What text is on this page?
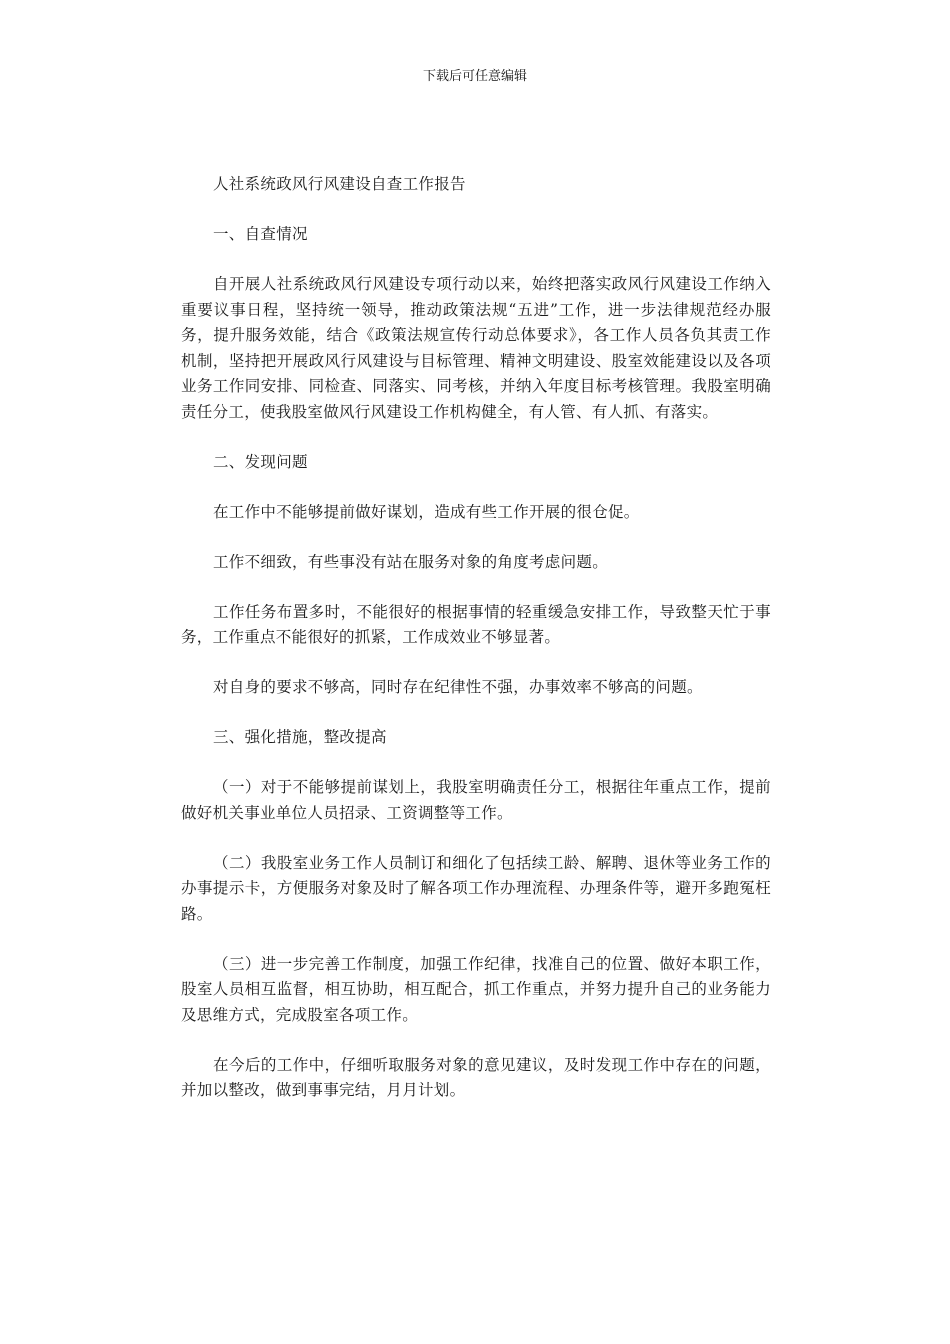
下载后可任意编辑

人社系统政风行风建设自查工作报告

一、自查情况

自开展人社系统政风行风建设专项行动以来，始终把落实政风行风建设工作纳入重要议事日程，坚持统一领导，推动政策法规“五进”工作，进一步法律规范经办服务，提升服务效能，结合《政策法规宣传行动总体要求》，各工作人员各负其责工作机制，坚持把开展政风行风建设与目标管理、精神文明建设、股室效能建设以及各项业务工作同安排、同检查、同落实、同考核，并纳入年度目标考核管理。我股室明确责任分工，使我股室做风行风建设工作机构健全，有人管、有人抓、有落实。

二、发现问题

在工作中不能够提前做好谋划，造成有些工作开展的很仓促。

工作不细致，有些事没有站在服务对象的角度考虑问题。

工作任务布置多时，不能很好的根据事情的轻重缓急安排工作，导致整天忙于事务，工作重点不能很好的抓紧，工作成效业不够显著。

对自身的要求不够高，同时存在纪律性不强，办事效率不够高的问题。

三、强化措施，整改提高

（一）对于不能够提前谋划上，我股室明确责任分工，根据往年重点工作，提前做好机关事业单位人员招录、工资调整等工作。

（二）我股室业务工作人员制订和细化了包括续工龄、解聘、退休等业务工作的办事提示卡，方便服务对象及时了解各项工作办理流程、办理条件等，避开多跑冤枉路。

（三）进一步完善工作制度，加强工作纪律，找准自己的位置、做好本职工作，股室人员相互监督，相互协助，相互配合，抓工作重点，并努力提升自己的业务能力及思维方式，完成股室各项工作。

在今后的工作中，仔细听取服务对象的意见建议，及时发现工作中存在的问题，并加以整改，做到事事完结，月月计划。
